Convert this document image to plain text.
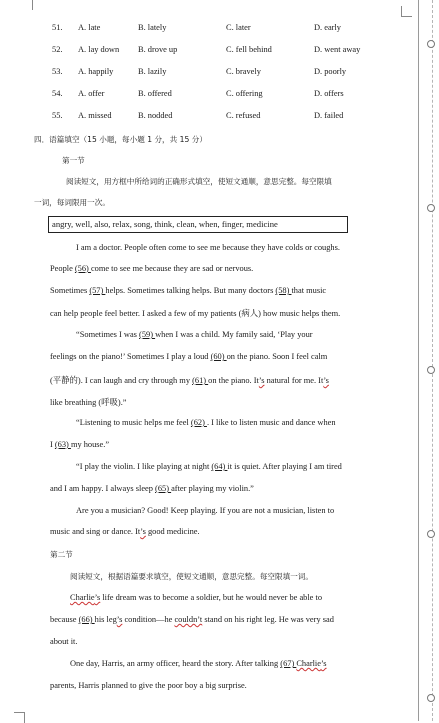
51. A. late	B. lately	C. later	D. early
52. A. lay down B. drove up	C. fell behind	D. went away
53. A. happily	B. lazily	C. bravely	D. poorly
54. A. offer	B. offered	C. offering	D. offers
55. A. missed	B. nodded	C. refused	D. failed
四．语篇填空（15 小题，每小题 1 分，共 15 分）
第一节
阅读短文，用方框中所给词的正确形式填空，使短文通顺，意思完整。每空限填
一词，每词限用一次。
angry, well, also, relax, song, think, clean, when, finger, medicine
I am a doctor. People often come to see me because they have colds or coughs.
People (56) come to see me because they are sad or nervous.
Sometimes (57) helps. Sometimes talking helps. But many doctors (58) that music
can help people feel better. I asked a few of my patients (病人) how music helps them.
“Sometimes I was (59) when I was a child. My family said, ‘Play your
feelings on the piano!’ Sometimes I play a loud (60) on the piano. Soon I feel calm
(平静的). I can laugh and cry through my (61) on the piano. It’s natural for me. It’s
like breathing (呼吸).”
“Listening to music helps me feel (62) . I like to listen music and dance when
I (63) my house.”
“I play the violin. I like playing at night (64) it is quiet. After playing I am tired
and I am happy. I always sleep (65) after playing my violin.”
Are you a musician? Good! Keep playing. If you are not a musician, listen to
music and sing or dance. It’s good medicine.
第二节
阅读短文，根据语篇要求填空，使短文通顺，意思完整。每空限填一词。
Charlie’s life dream was to become a soldier, but he would never be able to
because (66) his leg’s condition—he couldn’t stand on his right leg. He was very sad
about it.
One day, Harris, an army officer, heard the story. After talking (67) Charlie’s
parents, Harris planned to give the poor boy a big surprise.
